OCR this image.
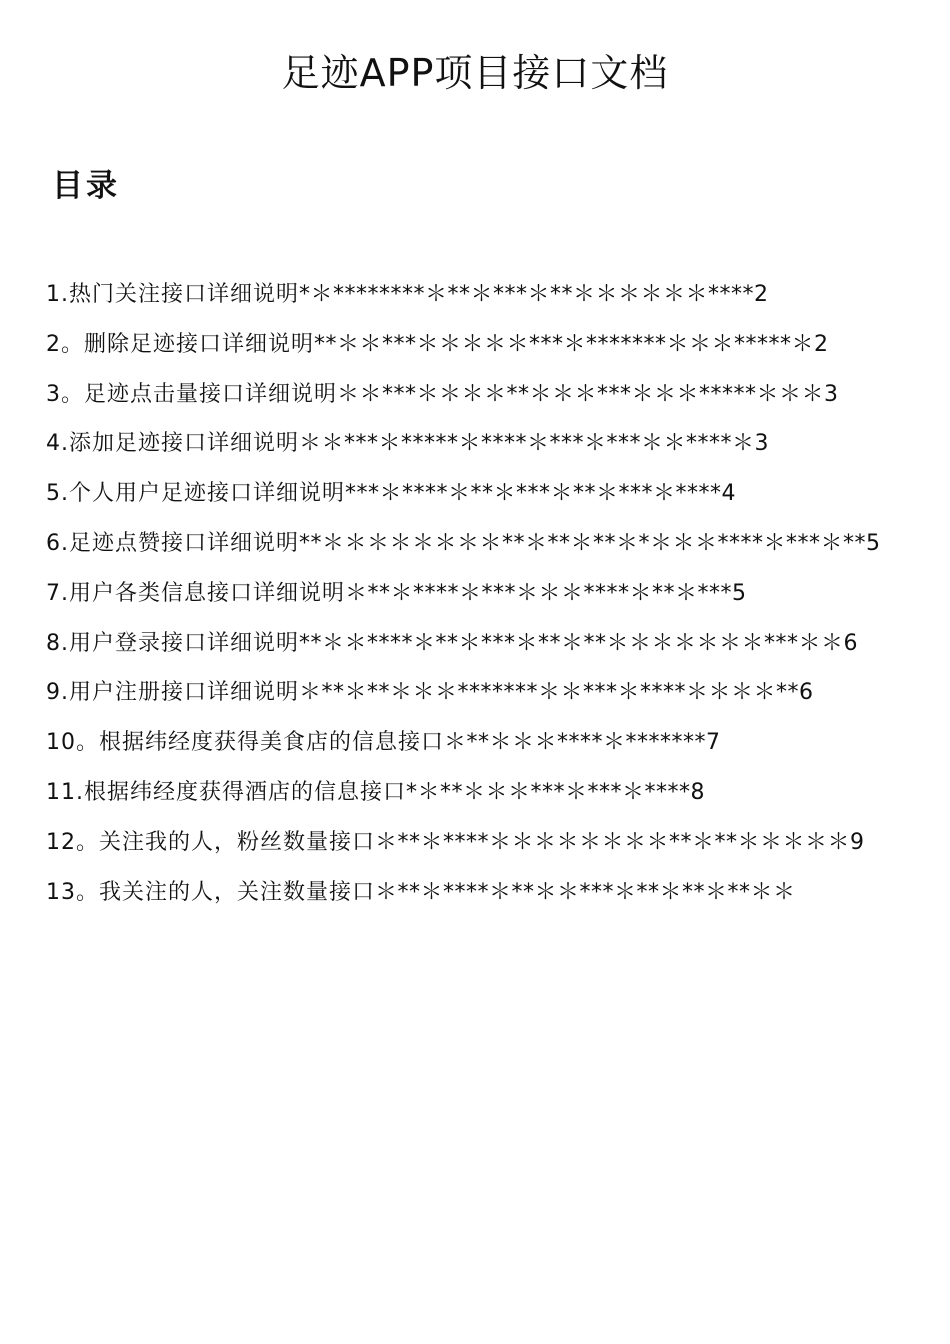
足迹APP项目接口文档
目录
1.热门关注接口详细说明*＊********＊**＊***＊**＊＊＊＊＊＊****2
2。删除足迹接口详细说明**＊＊***＊＊＊＊＊***＊*******＊＊＊*****＊2
3。足迹点击量接口详细说明＊＊***＊＊＊＊**＊＊＊***＊＊＊*****＊＊＊3
4.添加足迹接口详细说明＊＊***＊*****＊****＊***＊***＊＊****＊3
5.个人用户足迹接口详细说明***＊****＊**＊***＊**＊***＊****4
6.足迹点赞接口详细说明**＊＊＊＊＊＊＊＊**＊**＊**＊*＊＊＊****＊***＊**5
7.用户各类信息接口详细说明＊**＊****＊***＊＊＊****＊**＊***5
8.用户登录接口详细说明**＊＊****＊**＊***＊**＊**＊＊＊＊＊＊＊***＊＊6
9.用户注册接口详细说明＊**＊**＊＊＊*******＊＊***＊****＊＊＊＊**6
10。根据纬经度获得美食店的信息接口＊**＊＊＊****＊*******7
11.根据纬经度获得酒店的信息接口*＊**＊＊＊***＊***＊****8
12。关注我的人，粉丝数量接口＊**＊****＊＊＊＊＊＊＊＊**＊**＊＊＊＊＊9
13。我关注的人，关注数量接口＊**＊****＊**＊＊***＊**＊**＊**＊＊
